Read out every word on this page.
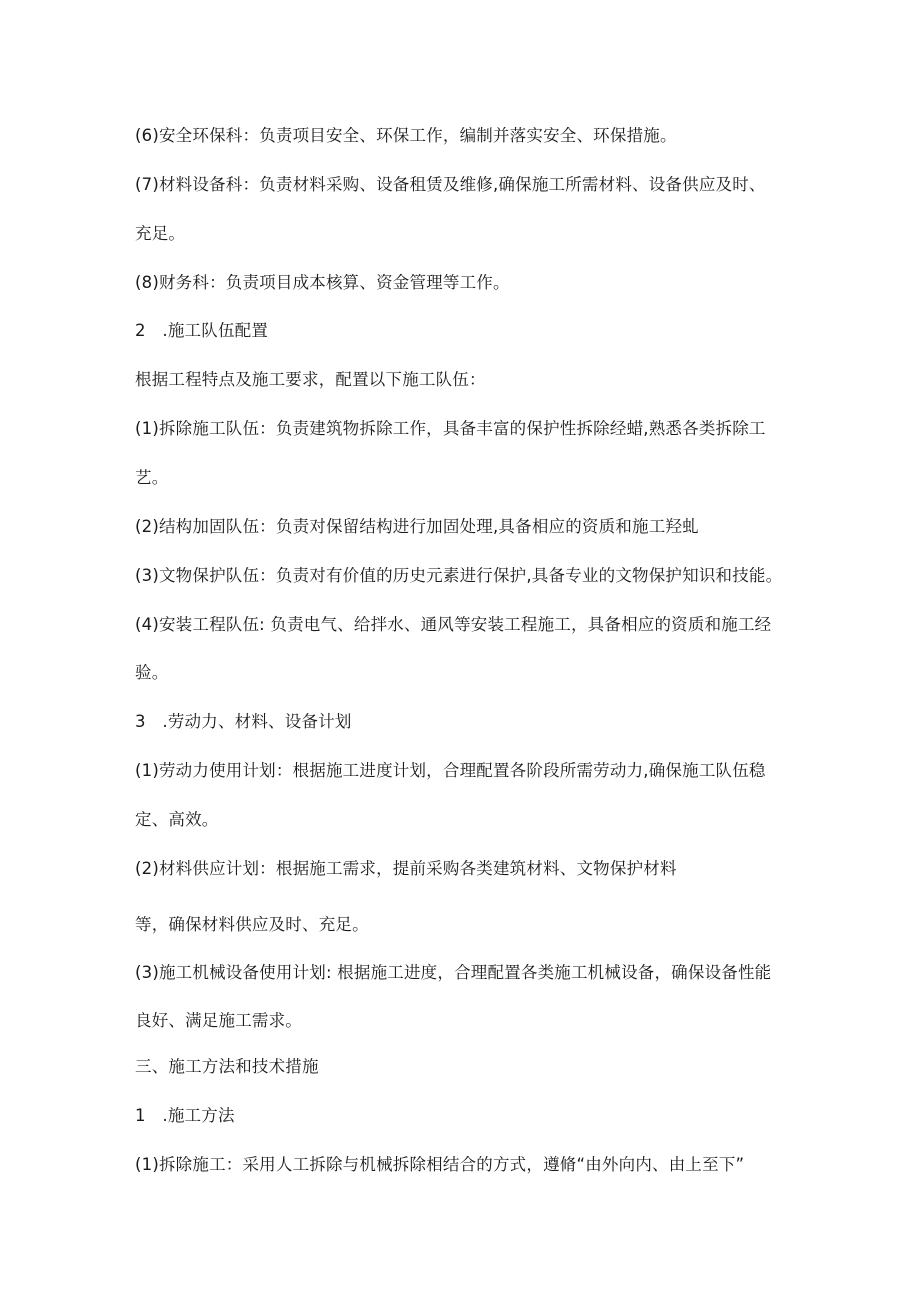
(6)安全环保科：负责项目安全、环保工作，编制并落实安全、环保措施。

(7)材料设备科：负责材料采购、设备租赁及维修,确保施工所需材料、设备供应及时、

充足。

(8)财务科：负责项目成本核算、资金管理等工作。

2　.施工队伍配置

根据工程特点及施工要求，配置以下施工队伍：

(1)拆除施工队伍：负责建筑物拆除工作，具备丰富的保护性拆除经蜡,熟悉各类拆除工

艺。

(2)结构加固队伍：负责对保留结构进行加固处理,具备相应的资质和施工羟虬

(3)文物保护队伍：负责对有价值的历史元素进行保护,具备专业的文物保护知识和技能。

(4)安装工程队伍: 负责电气、给拌水、通风等安装工程施工，具备相应的资质和施工经

验。

3　.劳动力、材料、设备计划

(1)劳动力使用计划：根据施工进度计划，合理配置各阶段所需劳动力,确保施工队伍稳

定、高效。

(2)材料供应计划：根据施工需求，提前采购各类建筑材料、文物保护材料

等，确保材料供应及时、充足。

(3)施工机械设备使用计划: 根据施工进度，合理配置各类施工机械设备，确保设备性能

良好、满足施工需求。

三、施工方法和技术措施

1　.施工方法

(1)拆除施工：采用人工拆除与机械拆除相结合的方式，遵脩“由外向内、由上至下”
